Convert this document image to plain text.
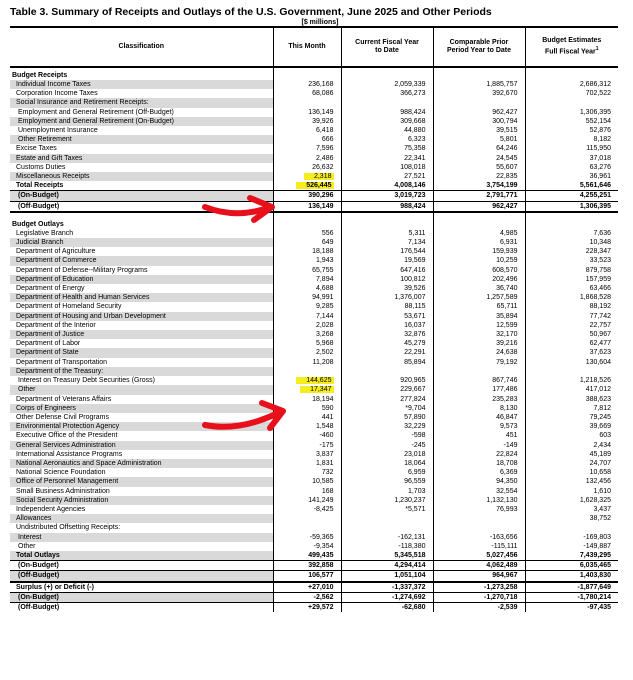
Table 3. Summary of Receipts and Outlays of the U.S. Government, June 2025 and Other Periods
[$ millions]
Classification	This Month	Current Fiscal Year to Date	Comparable Prior Period Year to Date	Budget Estimates Full Fiscal Year$^1$
Budget Receipts				
Individual Income Taxes	236,168	2,059,339	1,885,757	2,686,312
Corporation Income Taxes	68,086	366,273	392,670	702,522
Social Insurance and Retirement Receipts:				
Employment and General Retirement (Off-Budget)	136,149	988,424	962,427	1,306,395
Employment and General Retirement (On-Budget)	39,926	309,668	300,794	552,154
Unemployment Insurance	6,418	44,880	39,515	52,876
Other Retirement	666	6,323	5,801	8,182
Excise Taxes	7,596	75,358	64,246	115,950
Estate and Gift Taxes	2,486	22,341	24,545	37,018
Customs Duties	26,632	108,018	55,607	63,276
Miscellaneous Receipts	2,318	27,521	22,835	36,961
Total Receipts	526,445	4,008,146	3,754,199	5,561,646
(On-Budget)	390,296	3,019,723	2,791,771	4,255,251
(Off-Budget)	136,149	988,424	962,427	1,306,395

Budget Outlays				
Legislative Branch	556	5,311	4,985	7,636
Judicial Branch	649	7,134	6,931	10,348
Department of Agriculture	18,188	176,544	159,939	228,347
Department of Commerce	1,943	19,569	10,259	33,523
Department of Defense--Military Programs	65,755	647,416	608,570	879,758
Department of Education	7,894	100,812	202,496	157,959
Department of Energy	4,688	39,526	36,740	63,466
Department of Health and Human Services	94,991	1,376,007	1,257,589	1,868,528
Department of Homeland Security	9,285	88,115	65,711	88,192
Department of Housing and Urban Development	7,144	53,671	35,894	77,742
Department of the Interior	2,028	16,037	12,599	22,757
Department of Justice	3,268	32,876	32,170	50,967
Department of Labor	5,968	45,279	39,216	62,477
Department of State	2,502	22,291	24,638	37,623
Department of Transportation	11,208	85,894	79,192	130,604
Department of the Treasury:				
Interest on Treasury Debt Securities (Gross)	144,625	920,965	867,746	1,218,526
Other	17,347	229,667	177,486	417,012
Department of Veterans Affairs	18,194	277,824	235,283	388,623
Corps of Engineers	590	*9,704	8,130	7,812
Other Defense Civil Programs	441	57,890	46,847	79,245
Environmental Protection Agency	1,548	32,229	9,573	39,669
Executive Office of the President	-460	-598	451	603
General Services Administration	-175	-245	-149	2,434
International Assistance Programs	3,837	23,018	22,824	45,189
National Aeronautics and Space Administration	1,831	18,064	18,708	24,707
National Science Foundation	732	6,959	6,369	10,658
Office of Personnel Management	10,585	96,559	94,350	132,456
Small Business Administration	168	1,703	32,554	1,610
Social Security Administration	141,249	1,230,237	1,132,130	1,628,325
Independent Agencies	-8,425	*5,571	76,993	3,437
Allowances				38,752
Undistributed Offsetting Receipts:				
Interest	-59,365	-162,131	-163,656	-169,803
Other	-9,354	-118,380	-115,111	-149,887
Total Outlays	499,435	5,345,518	5,027,456	7,439,295
(On-Budget)	392,858	4,294,414	4,062,489	6,035,465
(Off-Budget)	106,577	1,051,104	964,967	1,403,830
Surplus (+) or Deficit (-)	+27,010	-1,337,372	-1,273,258	-1,877,649
(On-Budget)	-2,562	-1,274,692	-1,270,718	-1,780,214
(Off-Budget)	+29,572	-62,680	-2,539	-97,435
